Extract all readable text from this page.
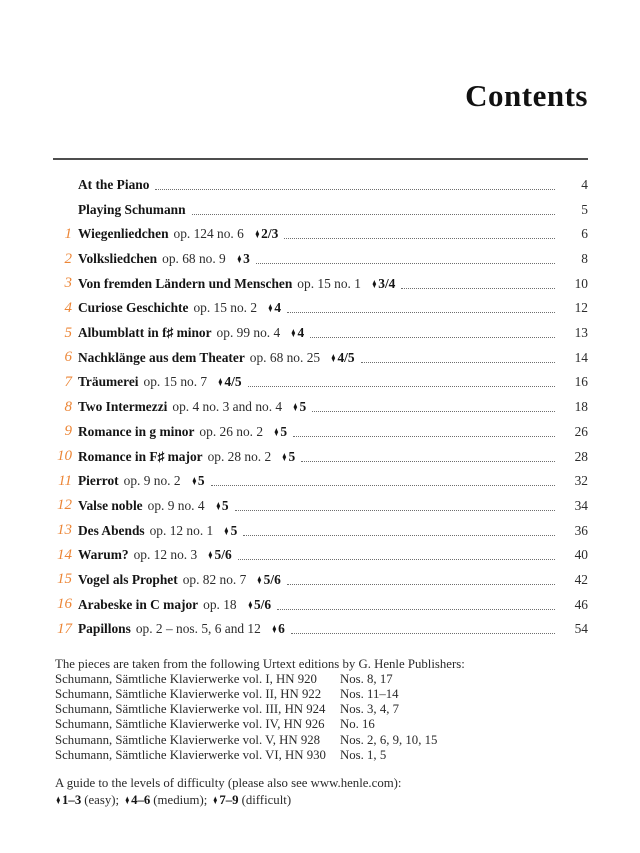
Contents
At the Piano	4
Playing Schumann	5
1 Wiegenliedchen op. 124 no. 6 ♦ 2/3	6
2 Volksliedchen op. 68 no. 9 ♦ 3	8
3 Von fremden Ländern und Menschen op. 15 no. 1 ♦ 3/4	10
4 Curiose Geschichte op. 15 no. 2 ♦ 4	12
5 Albumblatt in f♯ minor op. 99 no. 4 ♦ 4	13
6 Nachklänge aus dem Theater op. 68 no. 25 ♦ 4/5	14
7 Träumerei op. 15 no. 7 ♦ 4/5	16
8 Two Intermezzi op. 4 no. 3 and no. 4 ♦ 5	18
9 Romance in g minor op. 26 no. 2 ♦ 5	26
10 Romance in F♯ major op. 28 no. 2 ♦ 5	28
11 Pierrot op. 9 no. 2 ♦ 5	32
12 Valse noble op. 9 no. 4 ♦ 5	34
13 Des Abends op. 12 no. 1 ♦ 5	36
14 Warum? op. 12 no. 3 ♦ 5/6	40
15 Vogel als Prophet op. 82 no. 7 ♦ 5/6	42
16 Arabeske in C major op. 18 ♦ 5/6	46
17 Papillons op. 2 – nos. 5, 6 and 12 ♦ 6	54

The pieces are taken from the following Urtext editions by G. Henle Publishers:

Schumann, Sämtliche Klavierwerke vol. I, HN 920	Nos. 8, 17
Schumann, Sämtliche Klavierwerke vol. II, HN 922	Nos. 11–14
Schumann, Sämtliche Klavierwerke vol. III, HN 924	Nos. 3, 4, 7
Schumann, Sämtliche Klavierwerke vol. IV, HN 926	No. 16
Schumann, Sämtliche Klavierwerke vol. V, HN 928	Nos. 2, 6, 9, 10, 15
Schumann, Sämtliche Klavierwerke vol. VI, HN 930	Nos. 1, 5

A guide to the levels of difficulty (please also see www.henle.com):

♦ 1–3 (easy); ♦ 4–6 (medium); ♦ 7–9 (difficult)
